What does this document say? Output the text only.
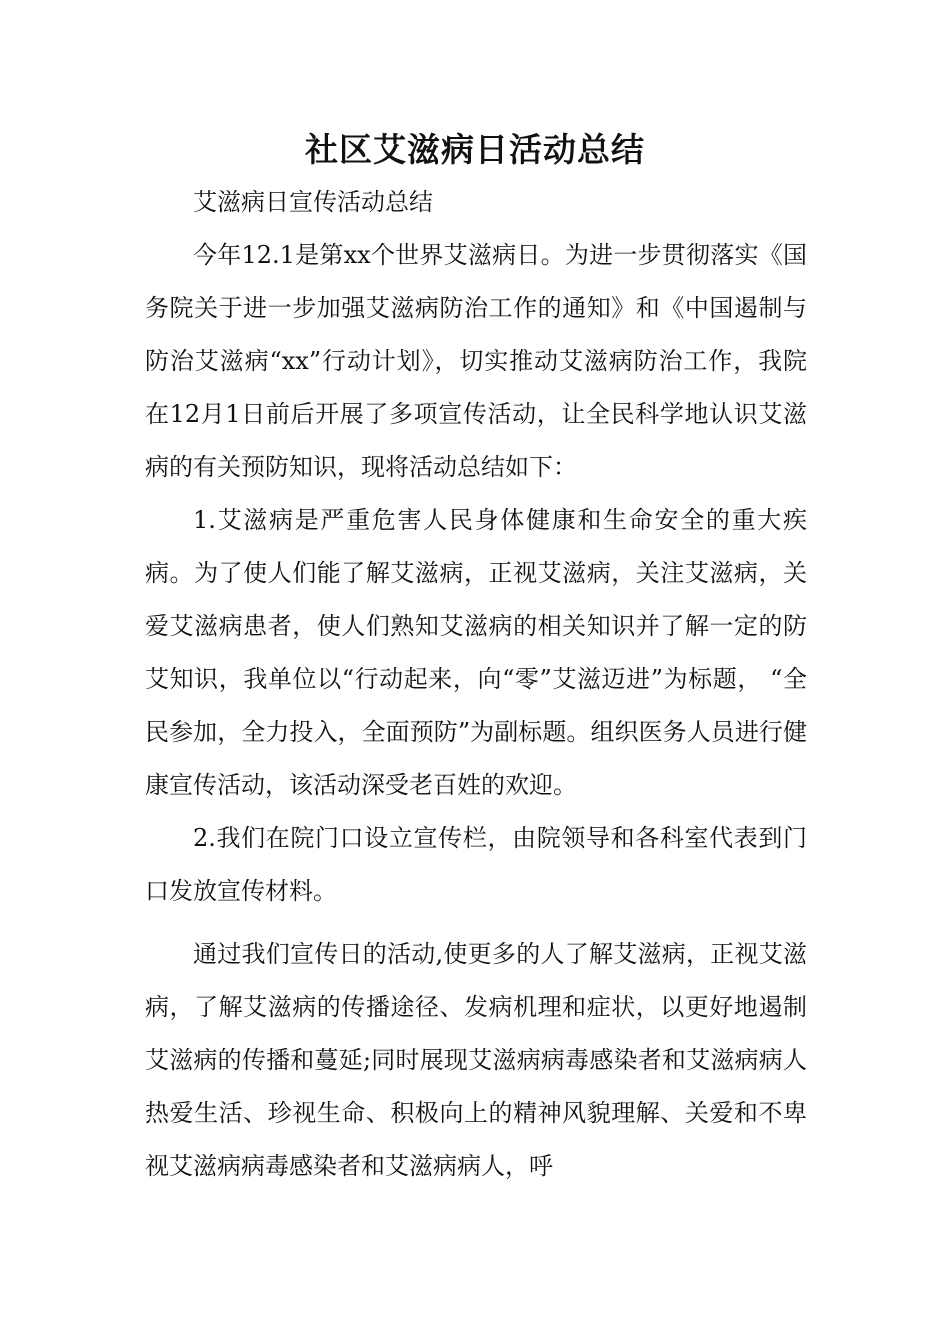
社区艾滋病日活动总结

艾滋病日宣传活动总结

今年12.1是第xx个世界艾滋病日。为进一步贯彻落实《国务院关于进一步加强艾滋病防治工作的通知》和《中国遏制与防治艾滋病“xx”行动计划》，切实推动艾滋病防治工作，我院在12月1日前后开展了多项宣传活动，让全民科学地认识艾滋病的有关预防知识，现将活动总结如下：

1.艾滋病是严重危害人民身体健康和生命安全的重大疾病。为了使人们能了解艾滋病，正视艾滋病，关注艾滋病，关爱艾滋病患者，使人们熟知艾滋病的相关知识并了解一定的防艾知识，我单位以“行动起来，向“零”艾滋迈进”为标题， “全民参加，全力投入，全面预防”为副标题。组织医务人员进行健康宣传活动，该活动深受老百姓的欢迎。

2.我们在院门口设立宣传栏，由院领导和各科室代表到门口发放宣传材料。

通过我们宣传日的活动,使更多的人了解艾滋病，正视艾滋病，了解艾滋病的传播途径、发病机理和症状，以更好地遏制艾滋病的传播和蔓延;同时展现艾滋病病毒感染者和艾滋病病人热爱生活、珍视生命、积极向上的精神风貌理解、关爱和不卑视艾滋病病毒感染者和艾滋病病人，呼
